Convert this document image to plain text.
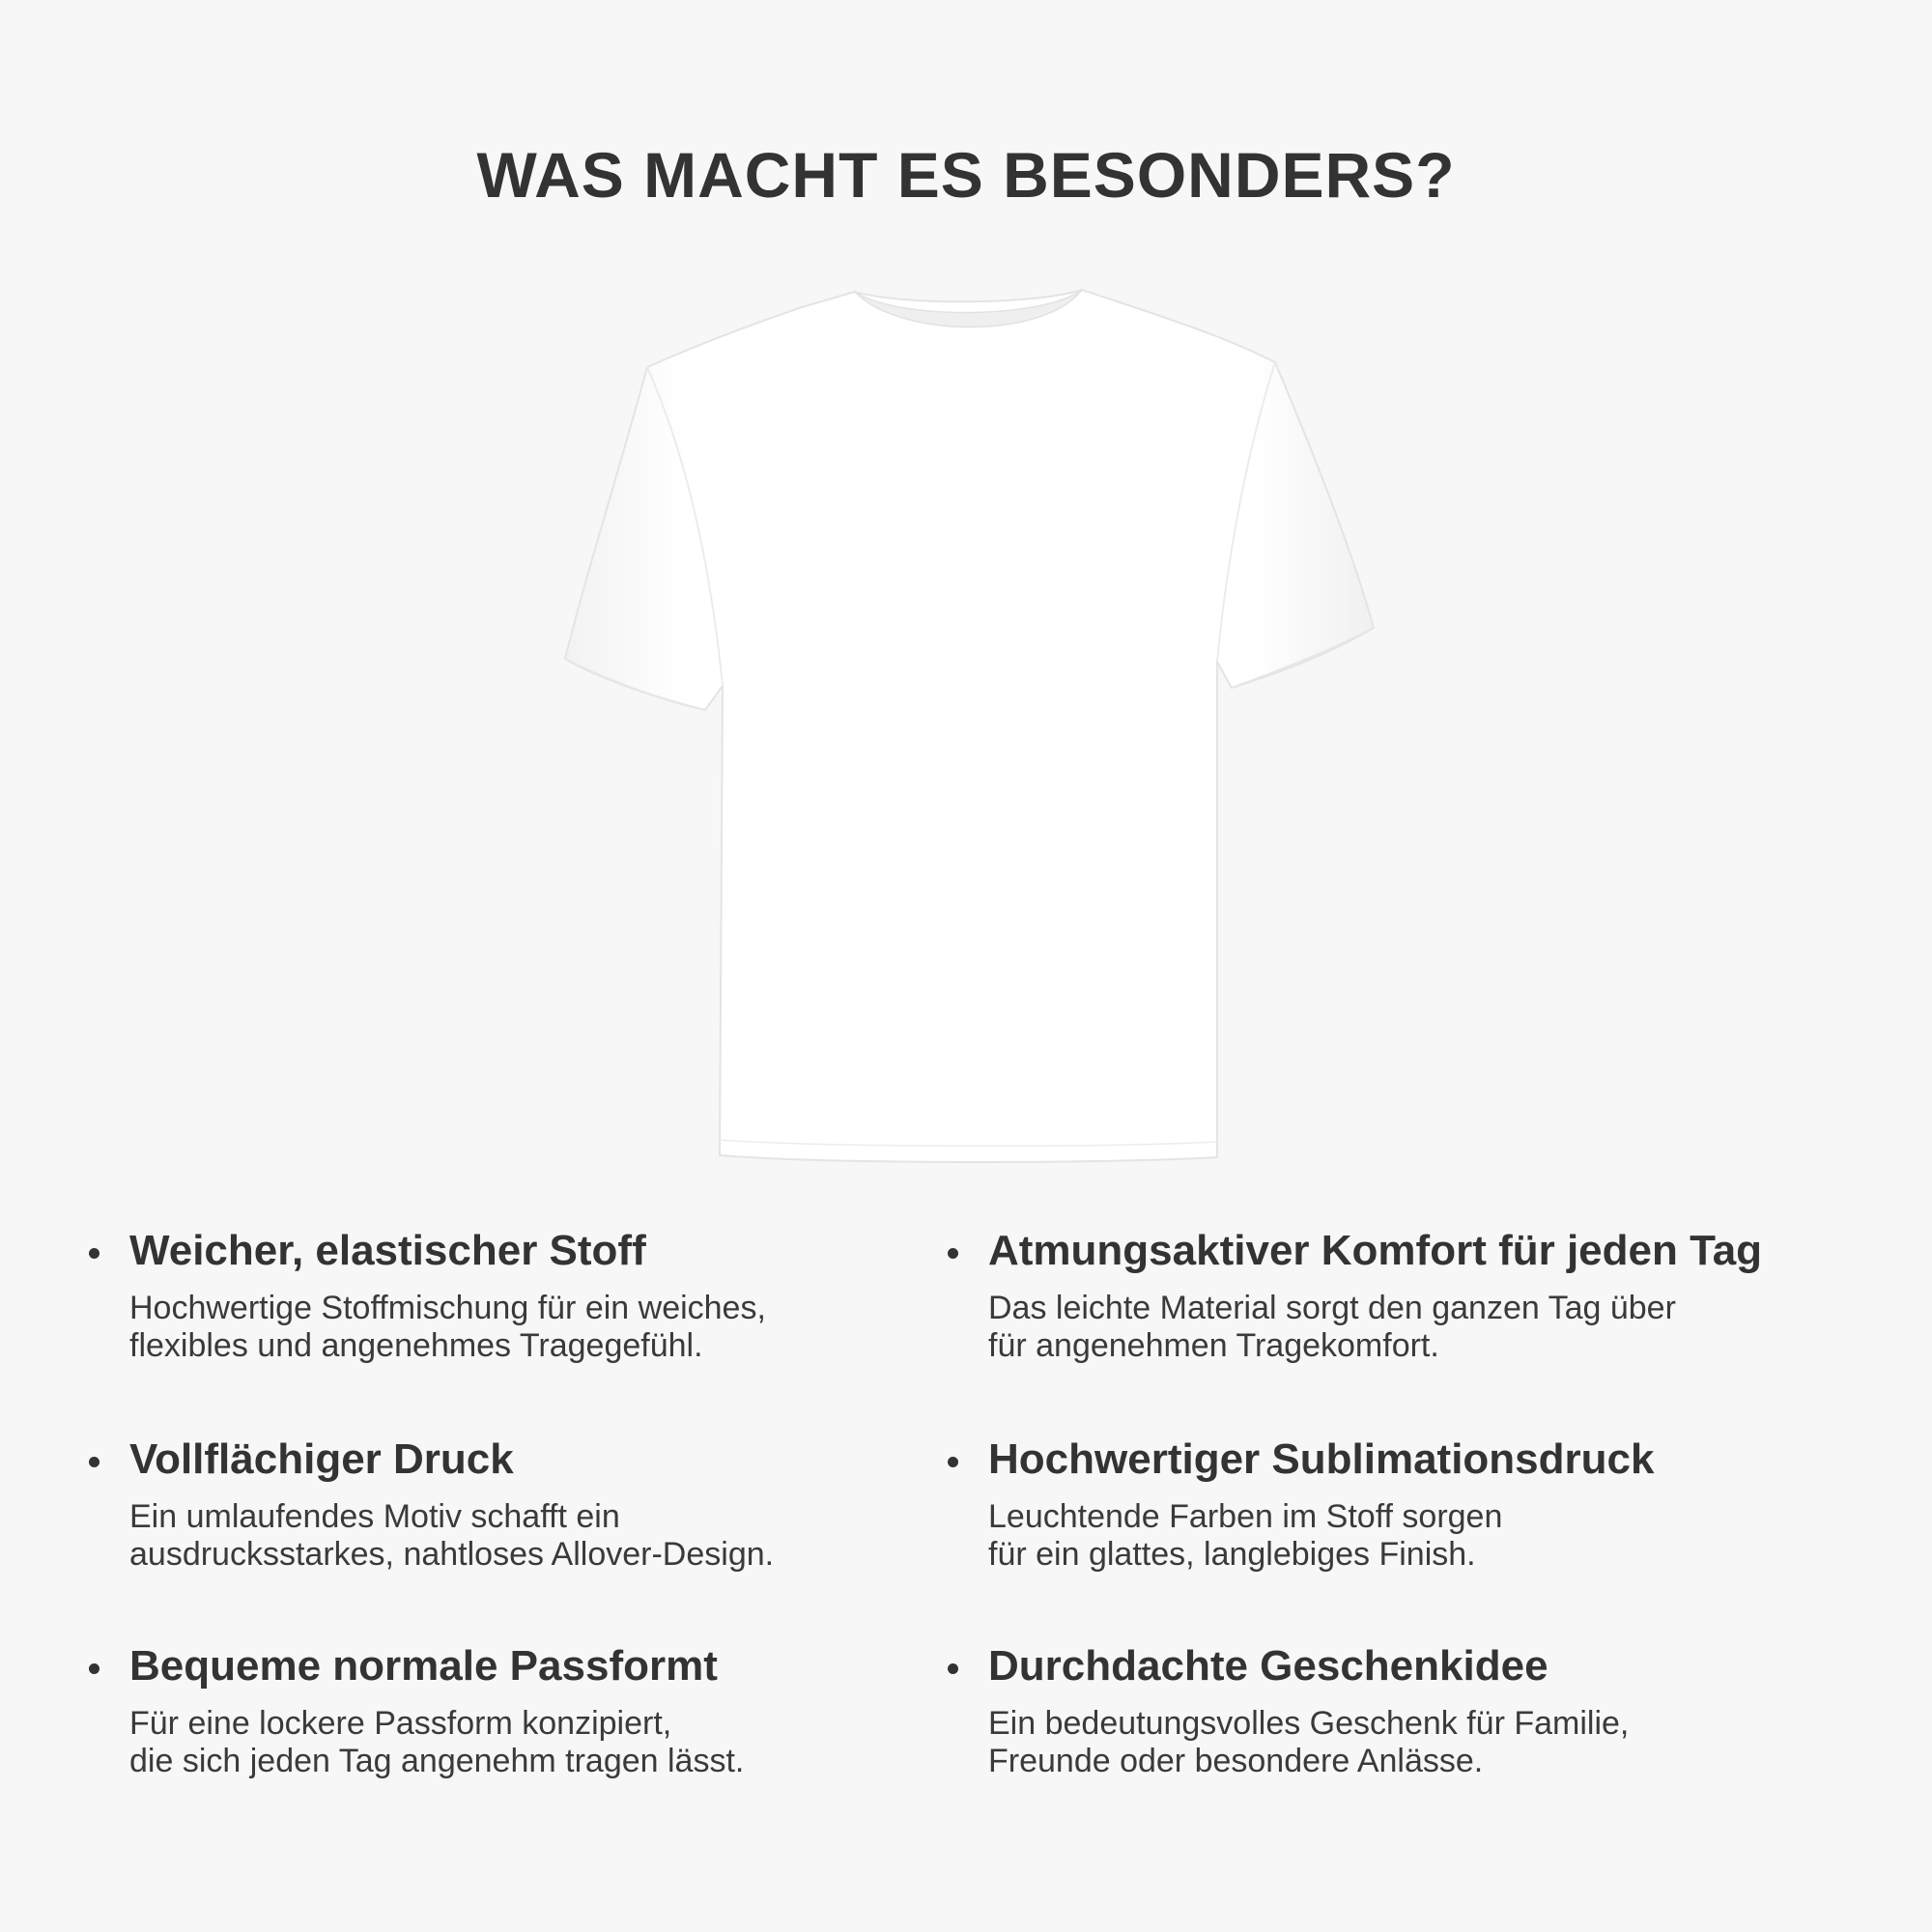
WAS MACHT ES BESONDERS?
Weicher, elastischer Stoff
Hochwertige Stoffmischung für ein weiches,
flexibles und angenehmes Tragegefühl.
Atmungsaktiver Komfort für jeden Tag
Das leichte Material sorgt den ganzen Tag über
für angenehmen Tragekomfort.
Vollflächiger Druck
Ein umlaufendes Motiv schafft ein
ausdrucksstarkes, nahtloses Allover-Design.
Hochwertiger Sublimationsdruck
Leuchtende Farben im Stoff sorgen
für ein glattes, langlebiges Finish.
Bequeme normale Passformt
Für eine lockere Passform konzipiert,
die sich jeden Tag angenehm tragen lässt.
Durchdachte Geschenkidee
Ein bedeutungsvolles Geschenk für Familie,
Freunde oder besondere Anlässe.
